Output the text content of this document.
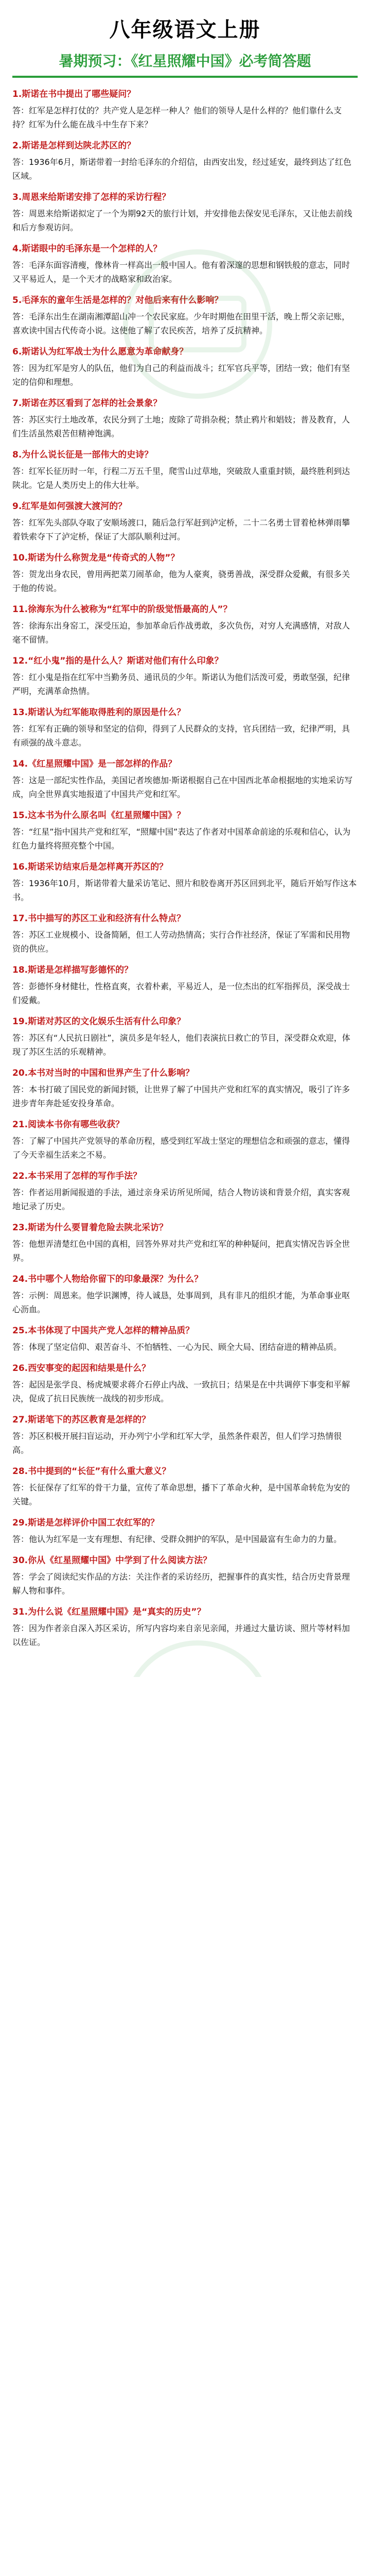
八年级语文上册
暑期预习：《红星照耀中国》必考简答题
1.斯诺在书中提出了哪些疑问？
答：红军是怎样打仗的？共产党人是怎样一种人？他们的领导人是什么样的？他们靠什么支持？红军为什么能在战斗中生存下来？
2.斯诺是怎样到达陕北苏区的？
答：1936年6月，斯诺带着一封给毛泽东的介绍信，由西安出发，经过延安，最终到达了红色区域。
3.周恩来给斯诺安排了怎样的采访行程？
答：周恩来给斯诺拟定了一个为期92天的旅行计划，并安排他去保安见毛泽东，又让他去前线和后方参观访问。
4.斯诺眼中的毛泽东是一个怎样的人？
答：毛泽东面容清瘦，像林肯一样高出一般中国人。他有着深邃的思想和钢铁般的意志，同时又平易近人，是一个天才的战略家和政治家。
5.毛泽东的童年生活是怎样的？对他后来有什么影响？
答：毛泽东出生在湖南湘潭韶山冲一个农民家庭。少年时期他在田里干活，晚上帮父亲记账，喜欢读中国古代传奇小说。这使他了解了农民疾苦，培养了反抗精神。
6.斯诺认为红军战士为什么愿意为革命献身？
答：因为红军是穷人的队伍，他们为自己的利益而战斗；红军官兵平等，团结一致；他们有坚定的信仰和理想。
7.斯诺在苏区看到了怎样的社会景象？
答：苏区实行土地改革，农民分到了土地；废除了苛捐杂税；禁止鸦片和娼妓；普及教育，人们生活虽然艰苦但精神饱满。
8.为什么说长征是一部伟大的史诗？
答：红军长征历时一年，行程二万五千里，爬雪山过草地，突破敌人重重封锁，最终胜利到达陕北。它是人类历史上的伟大壮举。
9.红军是如何强渡大渡河的？
答：红军先头部队夺取了安顺场渡口，随后急行军赶到泸定桥，二十二名勇士冒着枪林弹雨攀着铁索夺下了泸定桥，保证了大部队顺利过河。
10.斯诺为什么称贺龙是“传奇式的人物”？
答：贺龙出身农民，曾用两把菜刀闹革命，他为人豪爽，骁勇善战，深受群众爱戴，有很多关于他的传说。
11.徐海东为什么被称为“红军中的阶级觉悟最高的人”？
答：徐海东出身窑工，深受压迫，参加革命后作战勇敢，多次负伤，对穷人充满感情，对敌人毫不留情。
12.“红小鬼”指的是什么人？斯诺对他们有什么印象？
答：红小鬼是指在红军中当勤务员、通讯员的少年。斯诺认为他们活泼可爱，勇敢坚强，纪律严明，充满革命热情。
13.斯诺认为红军能取得胜利的原因是什么？
答：红军有正确的领导和坚定的信仰，得到了人民群众的支持，官兵团结一致，纪律严明，具有顽强的战斗意志。
14.《红星照耀中国》是一部怎样的作品？
答：这是一部纪实性作品，美国记者埃德加·斯诺根据自己在中国西北革命根据地的实地采访写成，向全世界真实地报道了中国共产党和红军。
15.这本书为什么原名叫《红星照耀中国》？
答：“红星”指中国共产党和红军，“照耀中国”表达了作者对中国革命前途的乐观和信心，认为红色力量终将照亮整个中国。
16.斯诺采访结束后是怎样离开苏区的？
答：1936年10月，斯诺带着大量采访笔记、照片和胶卷离开苏区回到北平，随后开始写作这本书。
17.书中描写的苏区工业和经济有什么特点？
答：苏区工业规模小、设备简陋，但工人劳动热情高；实行合作社经济，保证了军需和民用物资的供应。
18.斯诺是怎样描写彭德怀的？
答：彭德怀身材健壮，性格直爽，衣着朴素，平易近人，是一位杰出的红军指挥员，深受战士们爱戴。
19.斯诺对苏区的文化娱乐生活有什么印象？
答：苏区有“人民抗日剧社”，演员多是年轻人，他们表演抗日救亡的节目，深受群众欢迎，体现了苏区生活的乐观精神。
20.本书对当时的中国和世界产生了什么影响？
答：本书打破了国民党的新闻封锁，让世界了解了中国共产党和红军的真实情况，吸引了许多进步青年奔赴延安投身革命。
21.阅读本书你有哪些收获？
答：了解了中国共产党领导的革命历程，感受到红军战士坚定的理想信念和顽强的意志，懂得了今天幸福生活来之不易。
22.本书采用了怎样的写作手法？
答：作者运用新闻报道的手法，通过亲身采访所见所闻，结合人物访谈和背景介绍，真实客观地记录了历史。
23.斯诺为什么要冒着危险去陕北采访？
答：他想弄清楚红色中国的真相，回答外界对共产党和红军的种种疑问，把真实情况告诉全世界。
24.书中哪个人物给你留下的印象最深？为什么？
答：示例：周恩来。他学识渊博，待人诚恳，处事周到，具有非凡的组织才能，为革命事业呕心沥血。
25.本书体现了中国共产党人怎样的精神品质？
答：体现了坚定信仰、艰苦奋斗、不怕牺牲、一心为民、顾全大局、团结奋进的精神品质。
26.西安事变的起因和结果是什么？
答：起因是张学良、杨虎城要求蒋介石停止内战、一致抗日；结果是在中共调停下事变和平解决，促成了抗日民族统一战线的初步形成。
27.斯诺笔下的苏区教育是怎样的？
答：苏区积极开展扫盲运动，开办列宁小学和红军大学，虽然条件艰苦，但人们学习热情很高。
28.书中提到的“长征”有什么重大意义？
答：长征保存了红军的骨干力量，宣传了革命思想，播下了革命火种，是中国革命转危为安的关键。
29.斯诺是怎样评价中国工农红军的？
答：他认为红军是一支有理想、有纪律、受群众拥护的军队，是中国最富有生命力的力量。
30.你从《红星照耀中国》中学到了什么阅读方法？
答：学会了阅读纪实作品的方法：关注作者的采访经历，把握事件的真实性，结合历史背景理解人物和事件。
31.为什么说《红星照耀中国》是“真实的历史”？
答：因为作者亲自深入苏区采访，所写内容均来自亲见亲闻，并通过大量访谈、照片等材料加以佐证。
